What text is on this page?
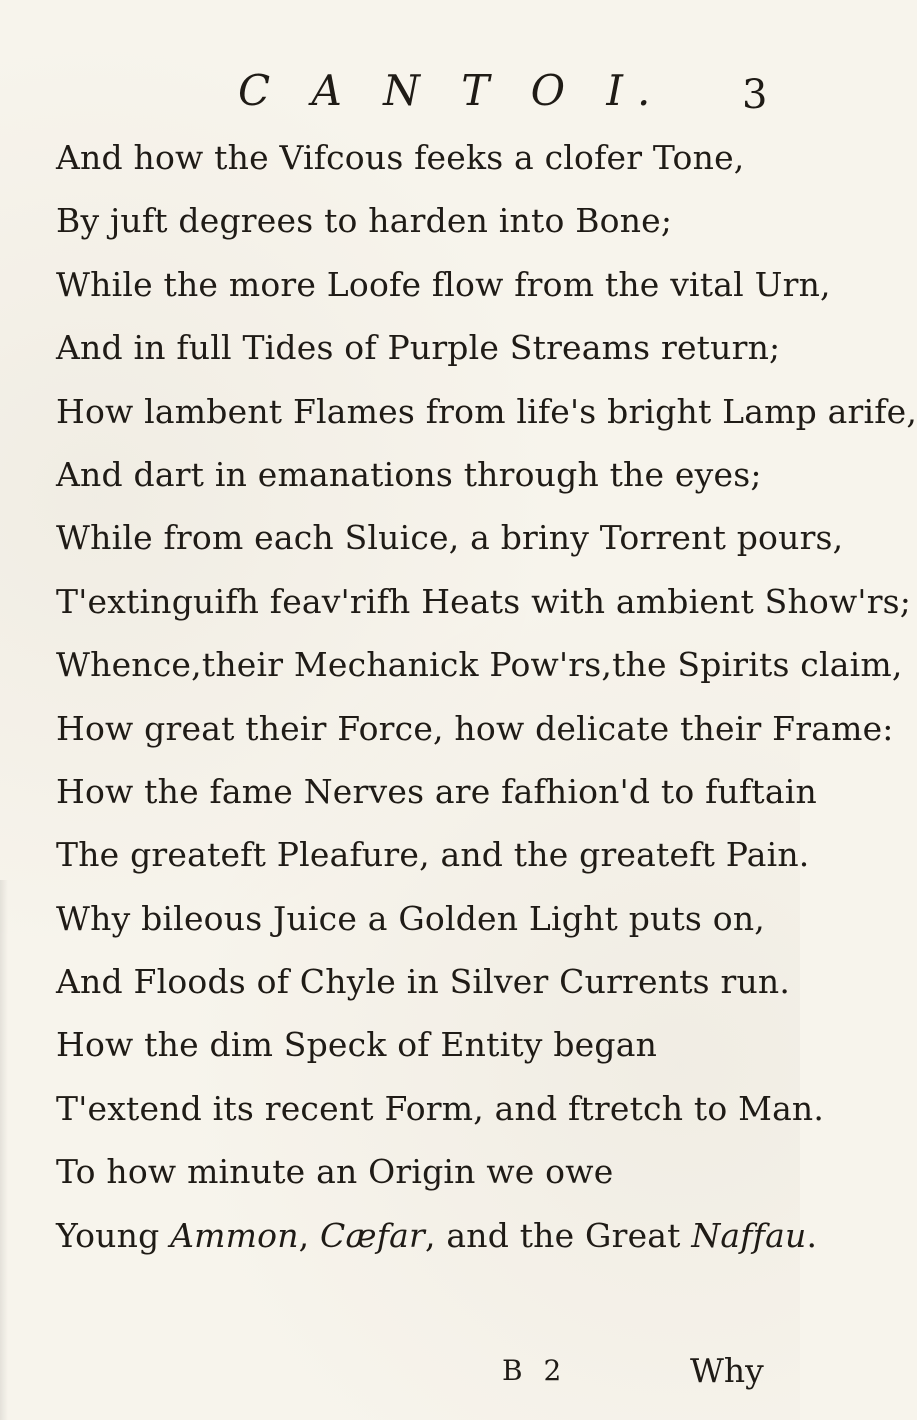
C A N T O I. 3
And how the Vifcous feeks a clofer Tone,
By juft degrees to harden into Bone;
While the more Loofe flow from the vital Urn,
And in full Tides of Purple Streams return;
How lambent Flames from life's bright Lamp arife,
And dart in emanations through the eyes;
While from each Sluice, a briny Torrent pours,
T'extinguifh feav'rifh Heats with ambient Show'rs;
Whence,their Mechanick Pow'rs,the Spirits claim,
How great their Force, how delicate their Frame:
How the fame Nerves are fafhion'd to fuftain
The greateft Pleafure, and the greateft Pain.
Why bileous Juice a Golden Light puts on,
And Floods of Chyle in Silver Currents run.
How the dim Speck of Entity began
T'extend its recent Form, and ftretch to Man.
To how minute an Origin we owe
Young Ammon, Cæfar, and the Great Naffau.
B 2	Why
